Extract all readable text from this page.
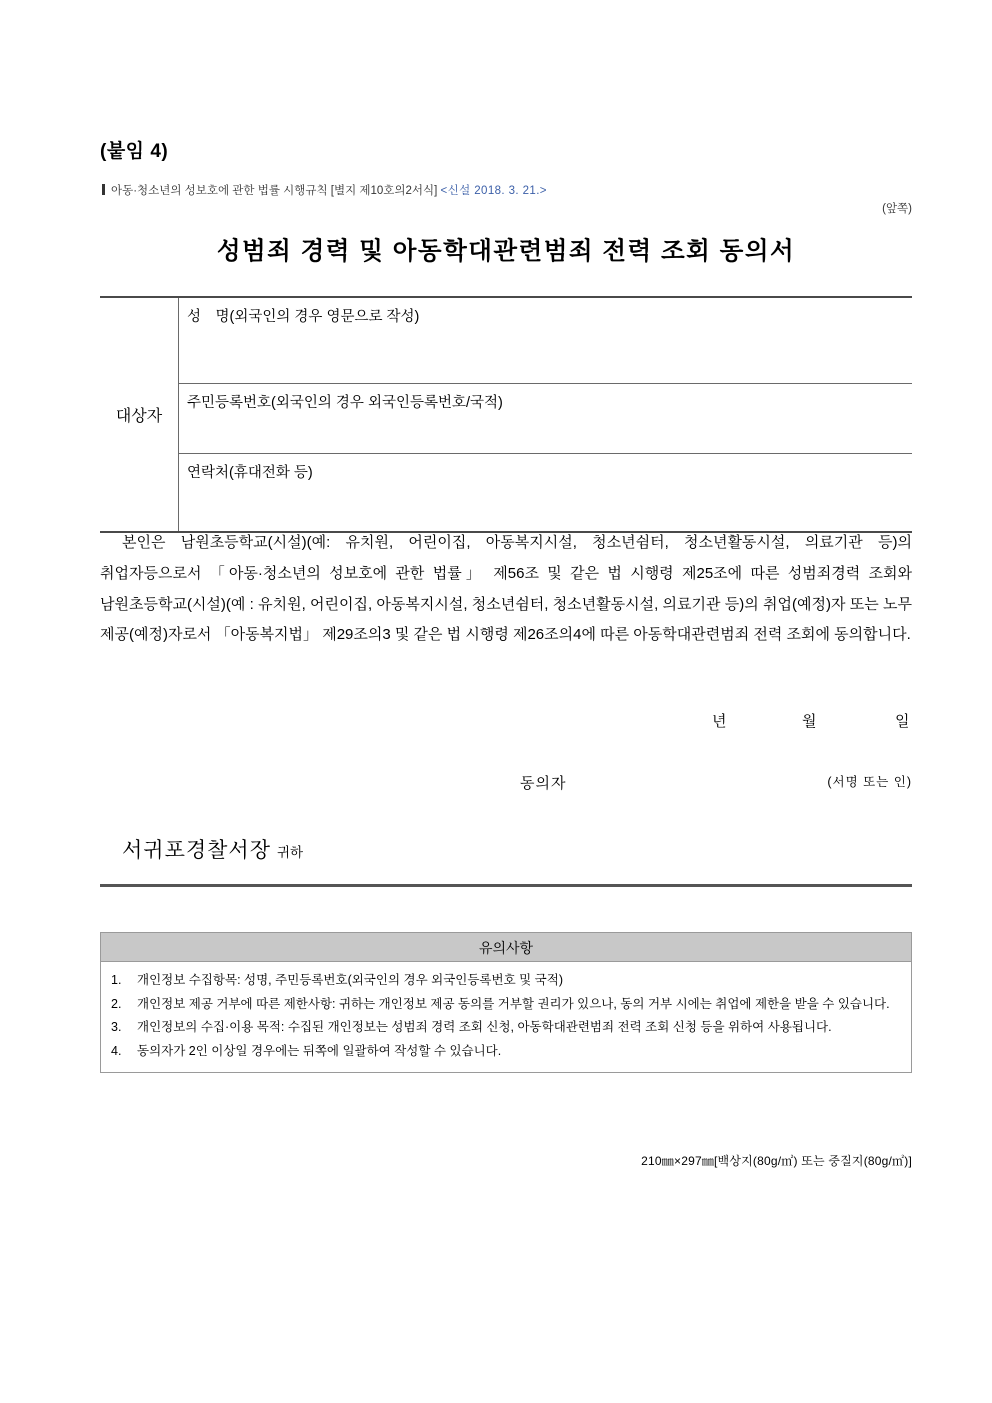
(붙임 4)
아동·청소년의 성보호에 관한 법률 시행규칙 [별지 제10호의2서식] <신설 2018. 3. 21.>
(앞쪽)
성범죄 경력 및 아동학대관련범죄 전력 조회 동의서
대상자	성　명(외국인의 경우 영문으로 작성)
주민등록번호(외국인의 경우 외국인등록번호/국적)
연락처(휴대전화 등)
본인은 남원초등학교(시설)(예: 유치원, 어린이집, 아동복지시설, 청소년쉼터, 청소년활동시설, 의료기관 등)의 취업자등으로서 「아동·청소년의 성보호에 관한 법률」 제56조 및 같은 법 시행령 제25조에 따른 성범죄경력 조회와 남원초등학교(시설)(예 : 유치원, 어린이집, 아동복지시설, 청소년쉼터, 청소년활동시설, 의료기관 등)의 취업(예정)자 또는 노무 제공(예정)자로서 「아동복지법」 제29조의3 및 같은 법 시행령 제26조의4에 따른 아동학대관련범죄 전력 조회에 동의합니다.
년	월	일
동의자	(서명 또는 인)
서귀포경찰서장 귀하
유의사항
1.	개인정보 수집항목: 성명, 주민등록번호(외국인의 경우 외국인등록번호 및 국적)
2.	개인정보 제공 거부에 따른 제한사항: 귀하는 개인정보 제공 동의를 거부할 권리가 있으나, 동의 거부 시에는 취업에 제한을 받을 수 있습니다.
3.	개인정보의 수집·이용 목적: 수집된 개인정보는 성범죄 경력 조회 신청, 아동학대관련범죄 전력 조회 신청 등을 위하여 사용됩니다.
4.	동의자가 2인 이상일 경우에는 뒤쪽에 일괄하여 작성할 수 있습니다.
210㎜×297㎜[백상지(80g/㎡) 또는 중질지(80g/㎡)]
